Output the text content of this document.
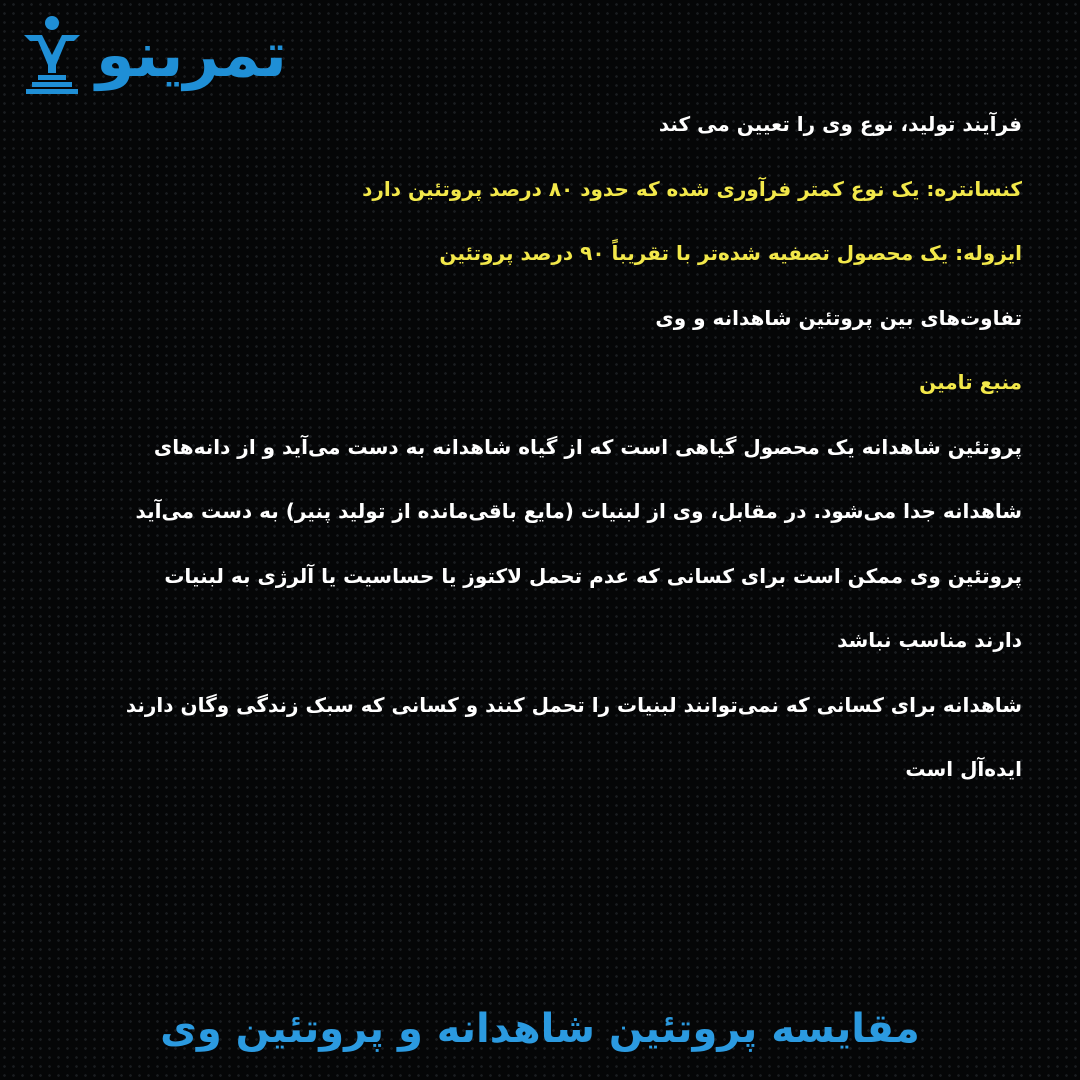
تمرینو
فرآیند تولید، نوع وی را تعیین می کند
کنسانتره: یک نوع کمتر فرآوری شده که حدود ۸۰ درصد پروتئین دارد
ایزوله: یک محصول تصفیه شده‌تر با تقریباً ۹۰ درصد پروتئین
تفاوت‌های بین پروتئین شاهدانه و وی
منبع تامین
پروتئین شاهدانه یک محصول گیاهی است که از گیاه شاهدانه به دست می‌آید و از دانه‌های
شاهدانه جدا می‌شود. در مقابل، وی از لبنیات (مایع باقی‌مانده از تولید پنیر) به دست می‌آید
پروتئین وی ممکن است برای کسانی که عدم تحمل لاکتوز یا حساسیت یا آلرژی به لبنیات
دارند مناسب نباشد
شاهدانه برای کسانی که نمی‌توانند لبنیات را تحمل کنند و کسانی که سبک زندگی وگان دارند
ایده‌آل است
مقایسه پروتئین شاهدانه و پروتئین وی
